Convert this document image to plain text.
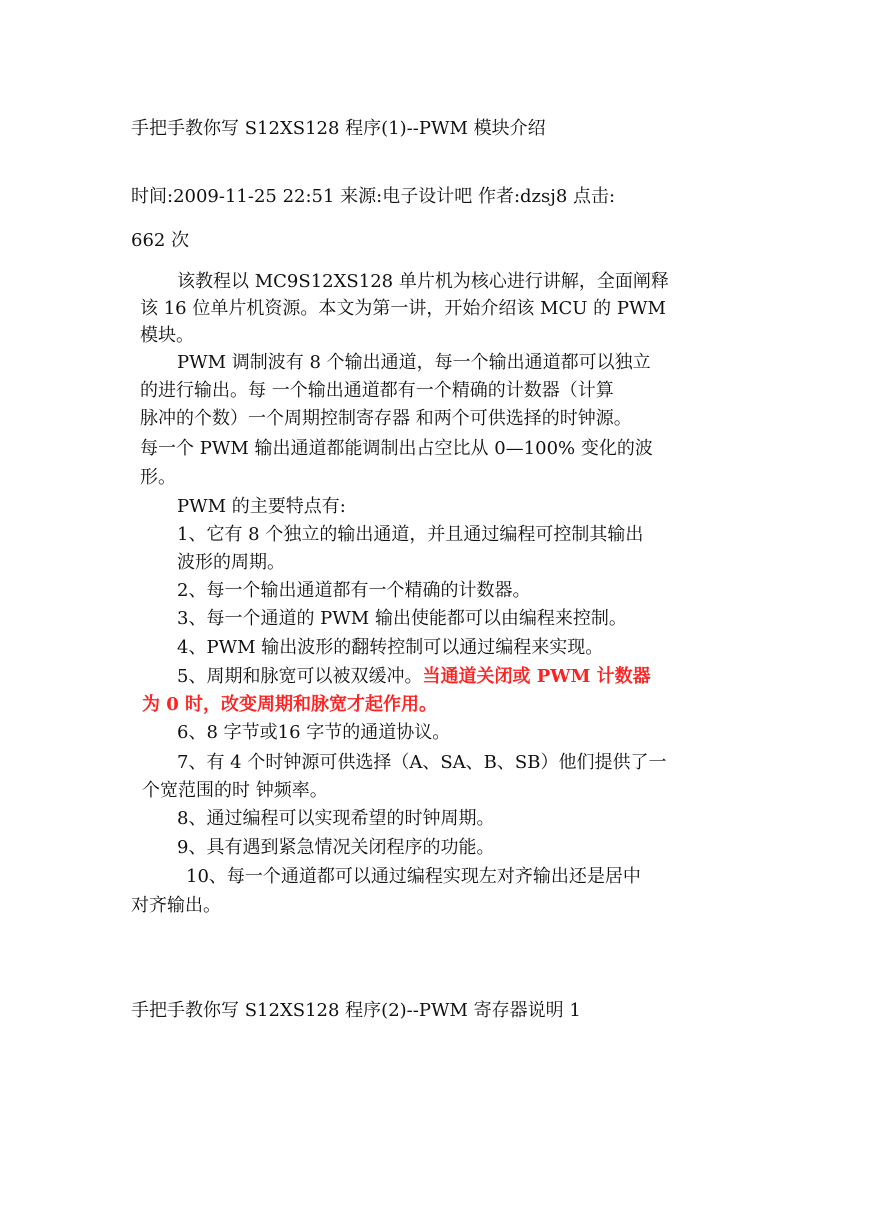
手把手教你写 S12XS128 程序(1)--PWM 模块介绍
时间:2009-11-25 22:51 来源:电子设计吧 作者:dzsj8 点击:
662 次
该教程以 MC9S12XS128 单片机为核心进行讲解，全面阐释
该 16 位单片机资源。本文为第一讲，开始介绍该 MCU 的 PWM
模块。
PWM 调制波有 8 个输出通道，每一个输出通道都可以独立
的进行输出。每 一个输出通道都有一个精确的计数器（计算
脉冲的个数）一个周期控制寄存器 和两个可供选择的时钟源。
每一个 PWM 输出通道都能调制出占空比从 0—100% 变化的波
形。
PWM 的主要特点有:
1、它有 8 个独立的输出通道，并且通过编程可控制其输出
波形的周期。
2、每一个输出通道都有一个精确的计数器。
3、每一个通道的 PWM 输出使能都可以由编程来控制。
4、PWM 输出波形的翻转控制可以通过编程来实现。
5、周期和脉宽可以被双缓冲。当通道关闭或 PWM 计数器
为 0 时，改变周期和脉宽才起作用。
6、8 字节或16 字节的通道协议。
7、有 4 个时钟源可供选择（A、SA、B、SB）他们提供了一
个宽范围的时 钟频率。
8、通过编程可以实现希望的时钟周期。
9、具有遇到紧急情况关闭程序的功能。
10、每一个通道都可以通过编程实现左对齐输出还是居中
对齐输出。
手把手教你写 S12XS128 程序(2)--PWM 寄存器说明 1
